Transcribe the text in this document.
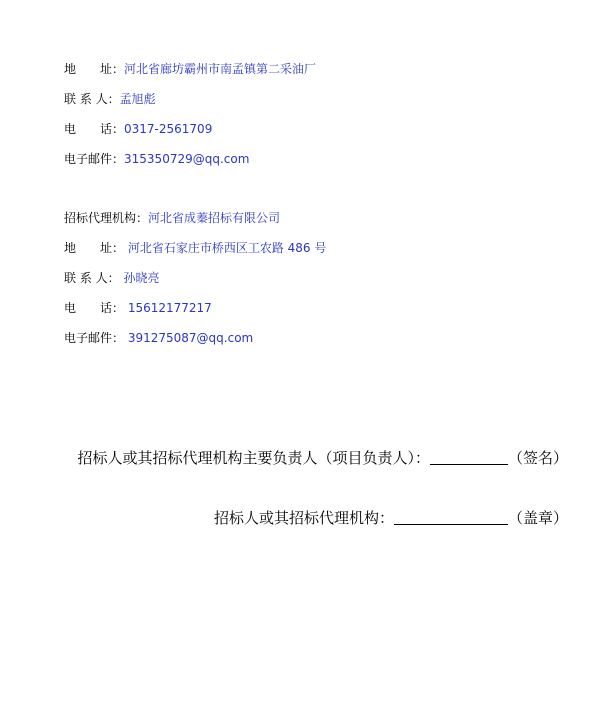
地　　址：河北省廊坊霸州市南孟镇第二采油厂
联 系 人：孟旭彪
电　　话：0317-2561709
电子邮件：315350729@qq.com
招标代理机构：河北省成蓁招标有限公司
地　　址： 河北省石家庄市桥西区工农路 486 号
联 系 人： 孙晓亮
电　　话： 15612177217
电子邮件： 391275087@qq.com
招标人或其招标代理机构主要负责人（项目负责人）：	（签名）
招标人或其招标代理机构：	（盖章）
